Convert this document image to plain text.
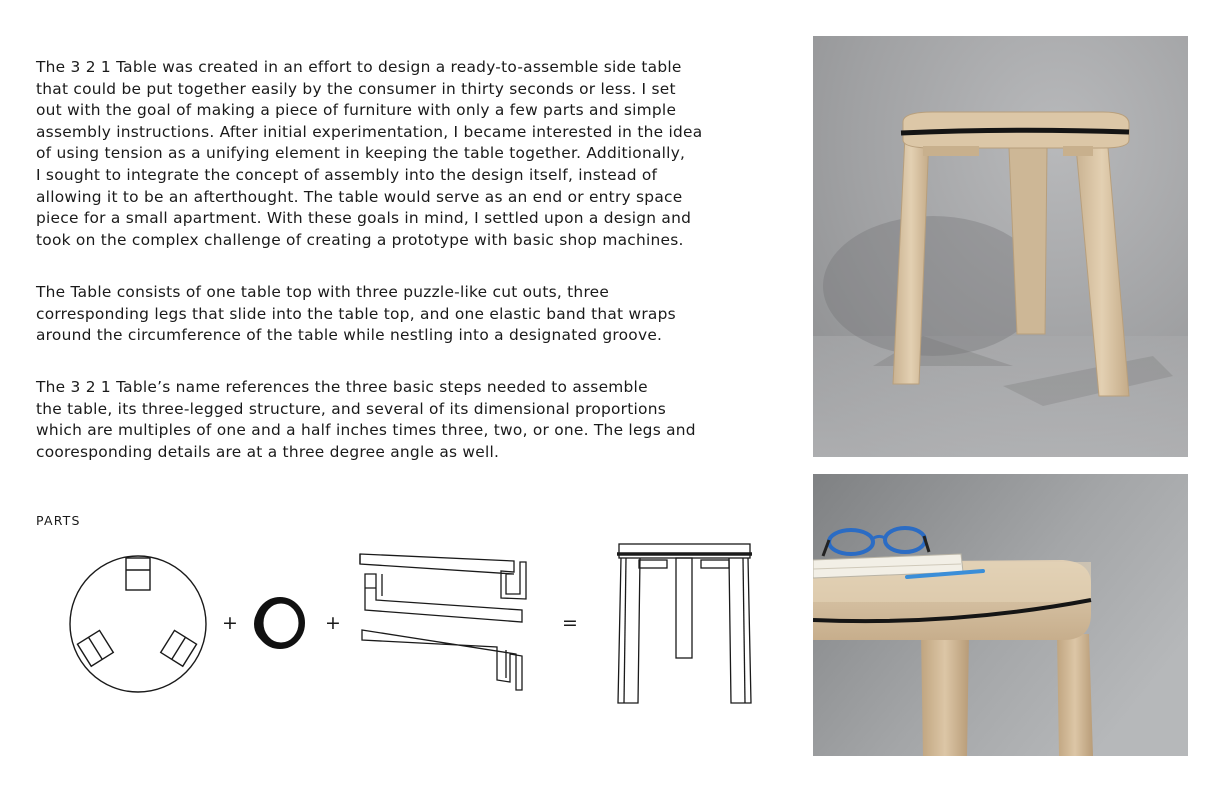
The 3 2 1 Table was created in an effort to design a ready-to-assemble side table
that could be put together easily by the consumer in thirty seconds or less. I set
out with the goal of making a piece of furniture with only a few parts and simple
assembly instructions. After initial experimentation, I became interested in the idea
of using tension as a unifying element in keeping the table together. Additionally,
I sought to integrate the concept of assembly into the design itself, instead of
allowing it to be an afterthought. The table would serve as an end or entry space
piece for a small apartment. With these goals in mind, I settled upon a design and
took on the complex challenge of creating a prototype with basic shop machines.

The Table consists of one table top with three puzzle-like cut outs, three
corresponding legs that slide into the table top, and one elastic band that wraps
around the circumference of the table while nestling into a designated groove.

The 3 2 1 Table’s name references the three basic steps needed to assemble
the table, its three-legged structure, and several of its dimensional proportions
which are multiples of one and a half inches times three, two, or one. The legs and
cooresponding details are at a three degree angle as well.

PARTS
+	+	=
